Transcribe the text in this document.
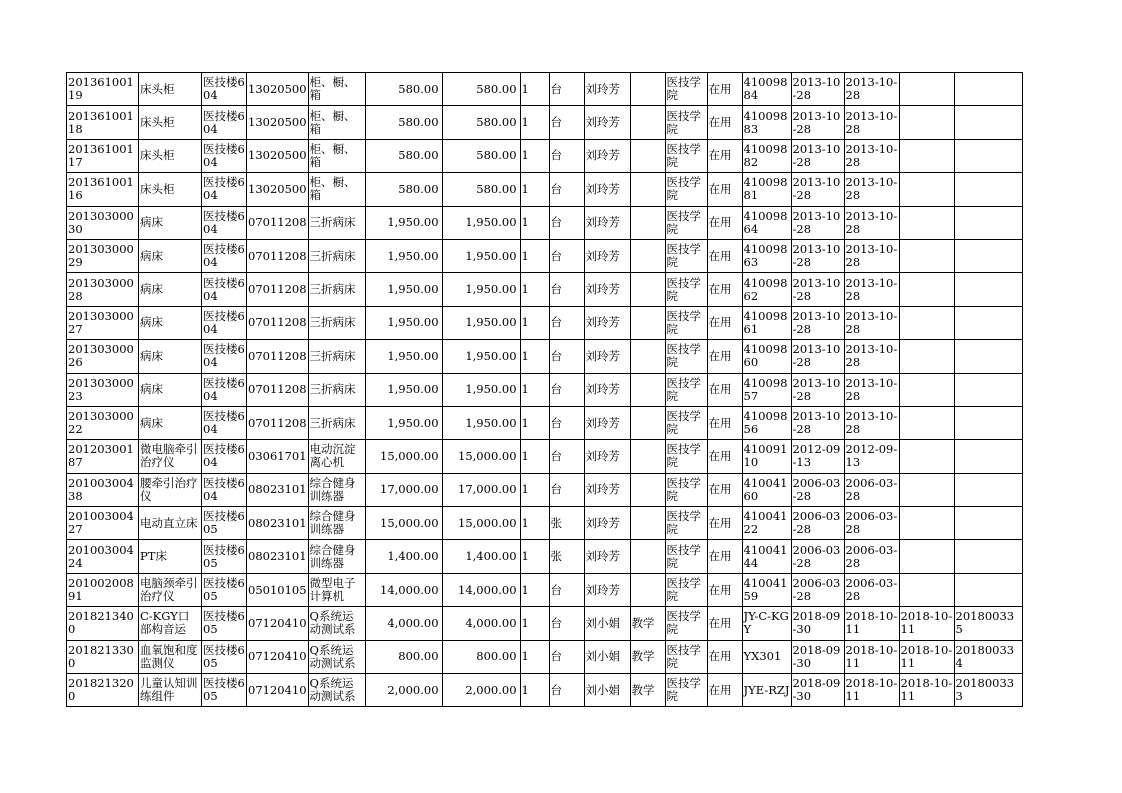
20136100119	床头柜	医技楼604	13020500	柜、橱、箱	580.00	580.00	1	台	刘玲芳		医技学院	在用	41009884	2013-10-28	2013-10-28		
20136100118	床头柜	医技楼604	13020500	柜、橱、箱	580.00	580.00	1	台	刘玲芳		医技学院	在用	41009883	2013-10-28	2013-10-28		
20136100117	床头柜	医技楼604	13020500	柜、橱、箱	580.00	580.00	1	台	刘玲芳		医技学院	在用	41009882	2013-10-28	2013-10-28		
20136100116	床头柜	医技楼604	13020500	柜、橱、箱	580.00	580.00	1	台	刘玲芳		医技学院	在用	41009881	2013-10-28	2013-10-28		
20130300030	病床	医技楼604	07011208	三折病床	1,950.00	1,950.00	1	台	刘玲芳		医技学院	在用	41009864	2013-10-28	2013-10-28		
20130300029	病床	医技楼604	07011208	三折病床	1,950.00	1,950.00	1	台	刘玲芳		医技学院	在用	41009863	2013-10-28	2013-10-28		
20130300028	病床	医技楼604	07011208	三折病床	1,950.00	1,950.00	1	台	刘玲芳		医技学院	在用	41009862	2013-10-28	2013-10-28		
20130300027	病床	医技楼604	07011208	三折病床	1,950.00	1,950.00	1	台	刘玲芳		医技学院	在用	41009861	2013-10-28	2013-10-28		
20130300026	病床	医技楼604	07011208	三折病床	1,950.00	1,950.00	1	台	刘玲芳		医技学院	在用	41009860	2013-10-28	2013-10-28		
20130300023	病床	医技楼604	07011208	三折病床	1,950.00	1,950.00	1	台	刘玲芳		医技学院	在用	41009857	2013-10-28	2013-10-28		
20130300022	病床	医技楼604	07011208	三折病床	1,950.00	1,950.00	1	台	刘玲芳		医技学院	在用	41009856	2013-10-28	2013-10-28		
20120300187	微电脑牵引治疗仪	医技楼604	03061701	电动沉淀离心机	15,000.00	15,000.00	1	台	刘玲芳		医技学院	在用	41009110	2012-09-13	2012-09-13		
20100300438	腰牵引治疗仪	医技楼604	08023101	综合健身训练器	17,000.00	17,000.00	1	台	刘玲芳		医技学院	在用	41004160	2006-03-28	2006-03-28		
20100300427	电动直立床	医技楼605	08023101	综合健身训练器	15,000.00	15,000.00	1	张	刘玲芳		医技学院	在用	41004122	2006-03-28	2006-03-28		
20100300424	PT床	医技楼605	08023101	综合健身训练器	1,400.00	1,400.00	1	张	刘玲芳		医技学院	在用	41004144	2006-03-28	2006-03-28		
20100200891	电脑颈牵引治疗仪	医技楼605	05010105	微型电子计算机	14,000.00	14,000.00	1	台	刘玲芳		医技学院	在用	41004159	2006-03-28	2006-03-28		
2018213400	C-KGY口部构音运	医技楼605	07120410	Q系统运动测试系	4,000.00	4,000.00	1	台	刘小娟	教学	医技学院	在用	JY-C-KGY	2018-09-30	2018-10-11	2018-10-11	201800335
2018213300	血氧饱和度监测仪	医技楼605	07120410	Q系统运动测试系	800.00	800.00	1	台	刘小娟	教学	医技学院	在用	YX301	2018-09-30	2018-10-11	2018-10-11	201800334
2018213200	儿童认知训练组件	医技楼605	07120410	Q系统运动测试系	2,000.00	2,000.00	1	台	刘小娟	教学	医技学院	在用	JYE-RZJ	2018-09-30	2018-10-11	2018-10-11	201800333
